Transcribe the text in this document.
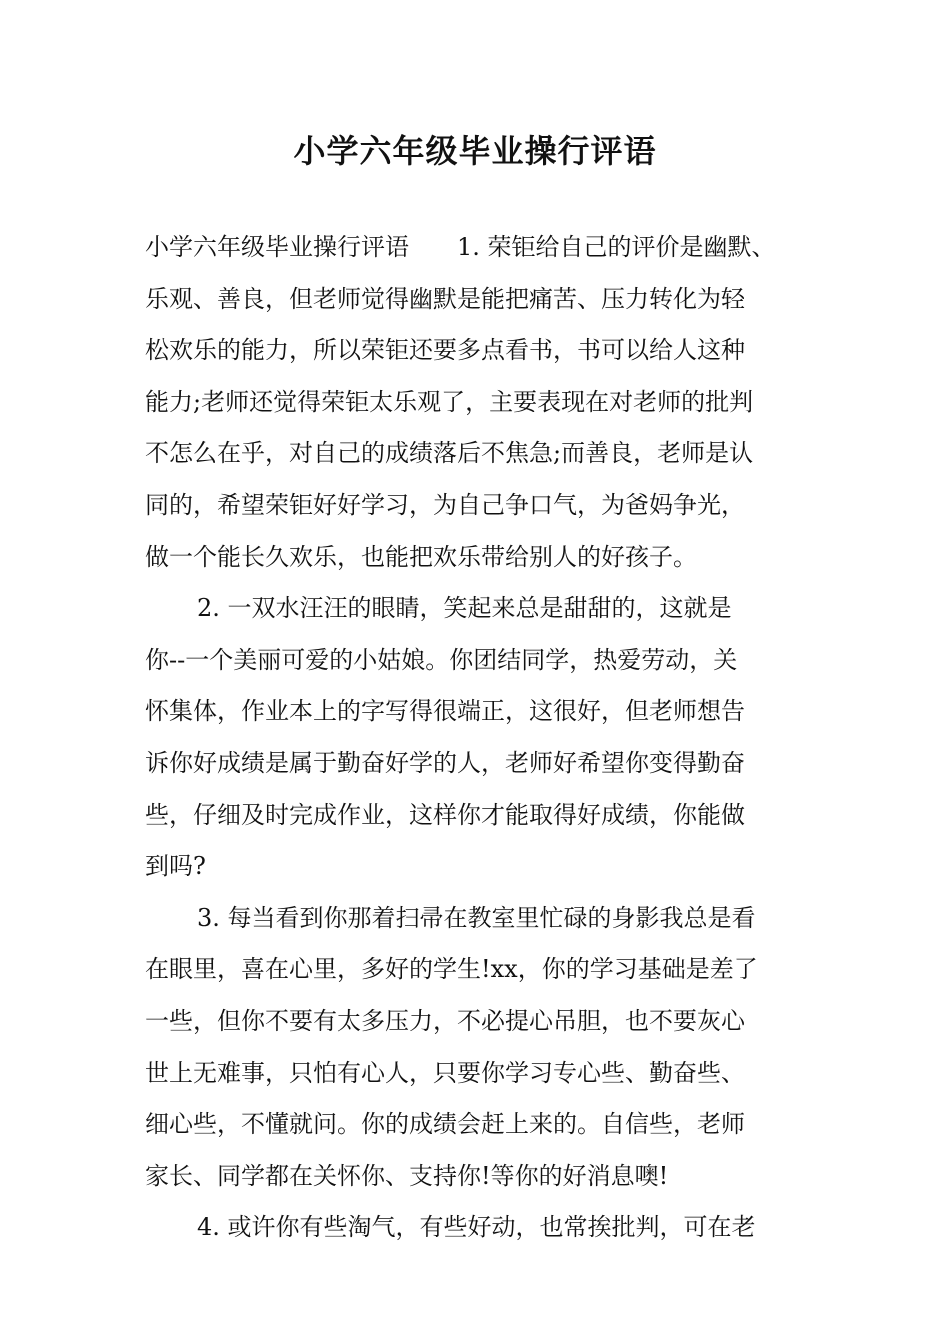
小学六年级毕业操行评语
小学六年级毕业操行评语　　1. 荣钜给自己的评价是幽默、
乐观、善良，但老师觉得幽默是能把痛苦、压力转化为轻
松欢乐的能力，所以荣钜还要多点看书，书可以给人这种
能力;老师还觉得荣钜太乐观了，主要表现在对老师的批判
不怎么在乎，对自己的成绩落后不焦急;而善良，老师是认
同的，希望荣钜好好学习，为自己争口气，为爸妈争光，
做一个能长久欢乐，也能把欢乐带给别人的好孩子。
2. 一双水汪汪的眼睛，笑起来总是甜甜的，这就是
你--一个美丽可爱的小姑娘。你团结同学，热爱劳动，关
怀集体，作业本上的字写得很端正，这很好，但老师想告
诉你好成绩是属于勤奋好学的人，老师好希望你变得勤奋
些，仔细及时完成作业，这样你才能取得好成绩，你能做
到吗?
3. 每当看到你那着扫帚在教室里忙碌的身影我总是看
在眼里，喜在心里，多好的学生!xx，你的学习基础是差了
一些，但你不要有太多压力，不必提心吊胆，也不要灰心
世上无难事，只怕有心人，只要你学习专心些、勤奋些、
细心些，不懂就问。你的成绩会赶上来的。自信些，老师
家长、同学都在关怀你、支持你!等你的好消息噢!
4. 或许你有些淘气，有些好动，也常挨批判，可在老
